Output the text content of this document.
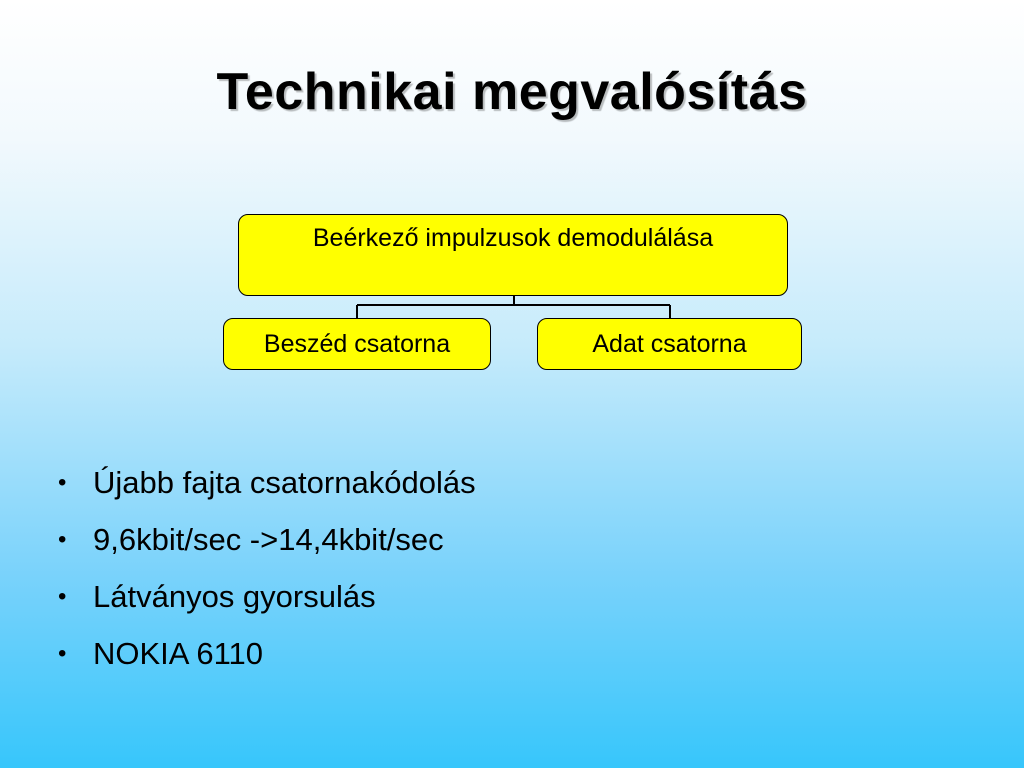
Technikai megvalósítás
Beérkező impulzusok demodulálása
Beszéd csatorna	Adat csatorna
• Újabb fajta csatornakódolás
• 9,6kbit/sec ->14,4kbit/sec
• Látványos gyorsulás
• NOKIA 6110
